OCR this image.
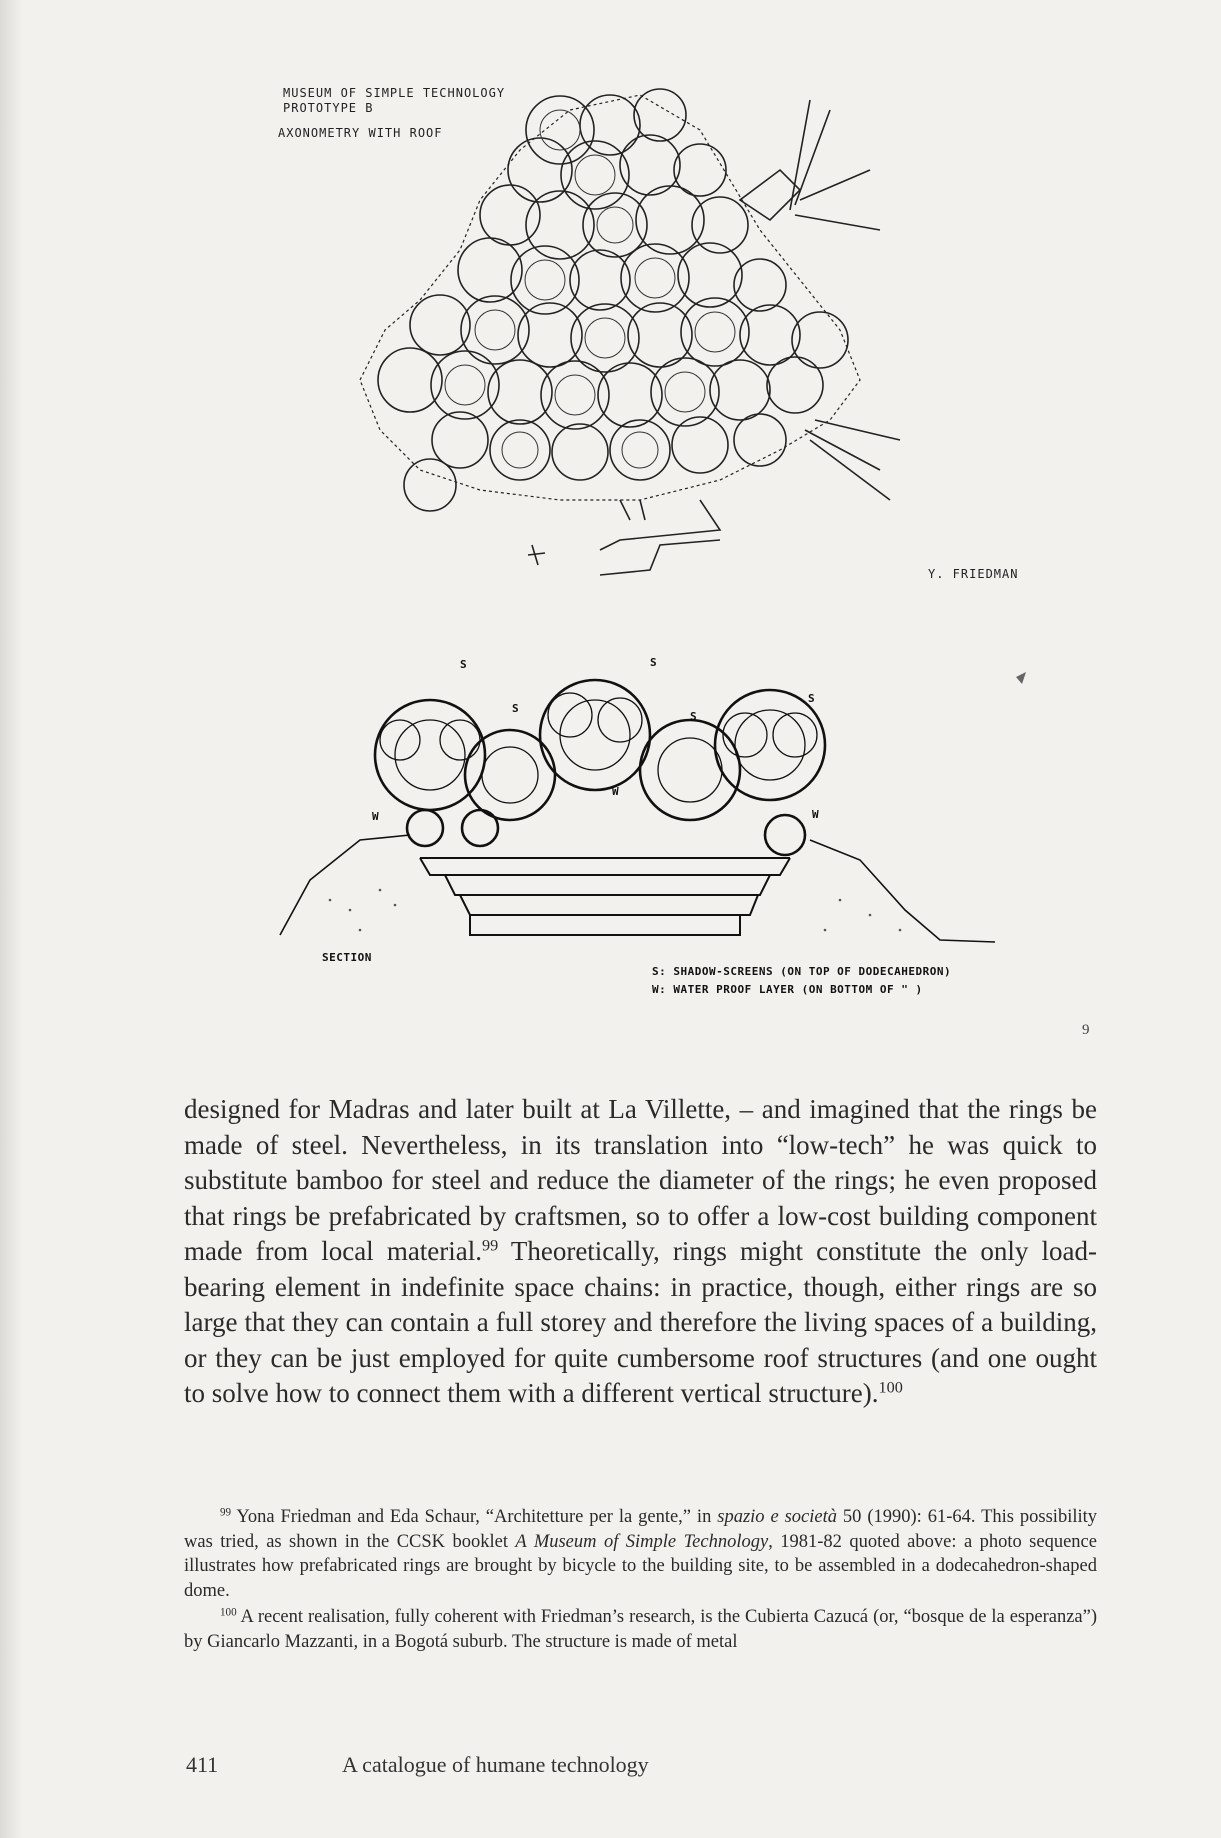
MUSEUM OF SIMPLE TECHNOLOGY
PROTOTYPE B
AXONOMETRY WITH ROOF
Y. FRIEDMAN
S
S
S
S
S
W
W
W
SECTION
S: SHADOW-SCREENS (ON TOP OF DODECAHEDRON)
W: WATER PROOF LAYER (ON BOTTOM OF " )
9
designed for Madras and later built at La Villette, – and imagined that the rings be made of steel. Nevertheless, in its translation into “low-tech” he was quick to substitute bamboo for steel and reduce the diameter of the rings; he even proposed that rings be prefabricated by craftsmen, so to offer a low-cost building component made from local material.$^{99}$ Theoretically, rings might constitute the only load-bearing element in indefinite space chains: in practice, though, either rings are so large that they can contain a full storey and therefore the living spaces of a building, or they can be just employed for quite cumbersome roof structures (and one ought to solve how to connect them with a different vertical structure).$^{100}$

$^{99}$ Yona Friedman and Eda Schaur, “Architetture per la gente,” in spazio e società 50 (1990): 61-64. This possibility was tried, as shown in the CCSK booklet A Museum of Simple Technology, 1981-82 quoted above: a photo sequence illustrates how prefabricated rings are brought by bicycle to the building site, to be assembled in a dodecahedron-shaped dome.

$^{100}$ A recent realisation, fully coherent with Friedman’s research, is the Cubierta Cazucá (or, “bosque de la esperanza”) by Giancarlo Mazzanti, in a Bogotá suburb. The structure is made of metal

411	A catalogue of humane technology
